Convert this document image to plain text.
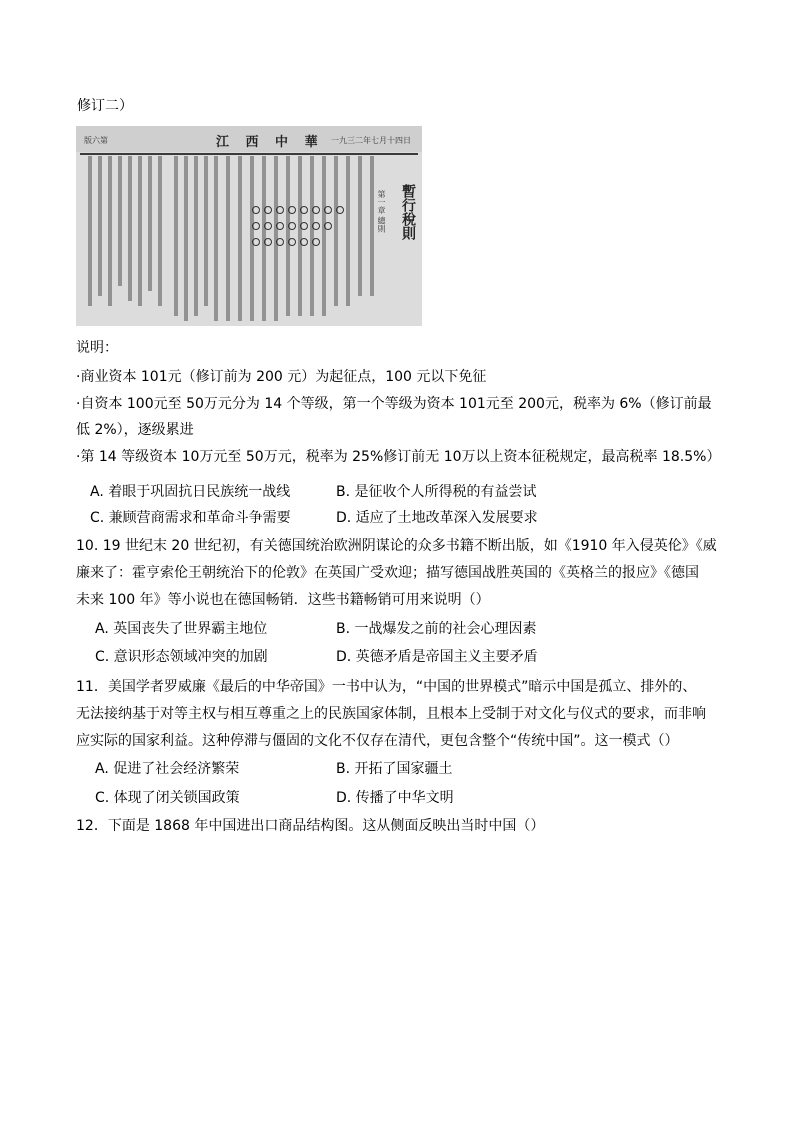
修订二）
版六第	江 西 中 華 一九三二年七月十四日
暫行稅則
第一章 總則
说明：
·商业资本 101元（修订前为 200 元）为起征点，100 元以下免征
·自资本 100元至 50万元分为 14 个等级，第一个等级为资本 101元至 200元，税率为 6%（修订前最
低 2%），逐级累进
·第 14 等级资本 10万元至 50万元，税率为 25%修订前无 10万以上资本征税规定，最高税率 18.5%）
A. 着眼于巩固抗日民族统一战线	B. 是征收个人所得税的有益尝试
C. 兼顾营商需求和革命斗争需要	D. 适应了土地改革深入发展要求
10. 19 世纪末 20 世纪初，有关德国统治欧洲阴谋论的众多书籍不断出版，如《1910 年入侵英伦》《威
廉来了：霍亨索伦王朝统治下的伦敦》在英国广受欢迎；描写德国战胜英国的《英格兰的报应》《德国
未来 100 年》等小说也在德国畅销．这些书籍畅销可用来说明（）
A. 英国丧失了世界霸主地位	B. 一战爆发之前的社会心理因素
C. 意识形态领域冲突的加剧	D. 英德矛盾是帝国主义主要矛盾
11．美国学者罗威廉《最后的中华帝国》一书中认为，“中国的世界模式”暗示中国是孤立、排外的、
无法接纳基于对等主权与相互尊重之上的民族国家体制，且根本上受制于对文化与仪式的要求，而非响
应实际的国家利益。这种停滞与僵固的文化不仅存在清代，更包含整个“传统中国”。这一模式（）
A. 促进了社会经济繁荣	B. 开拓了国家疆土
C. 体现了闭关锁国政策	D. 传播了中华文明
12．下面是 1868 年中国进出口商品结构图。这从侧面反映出当时中国（）
